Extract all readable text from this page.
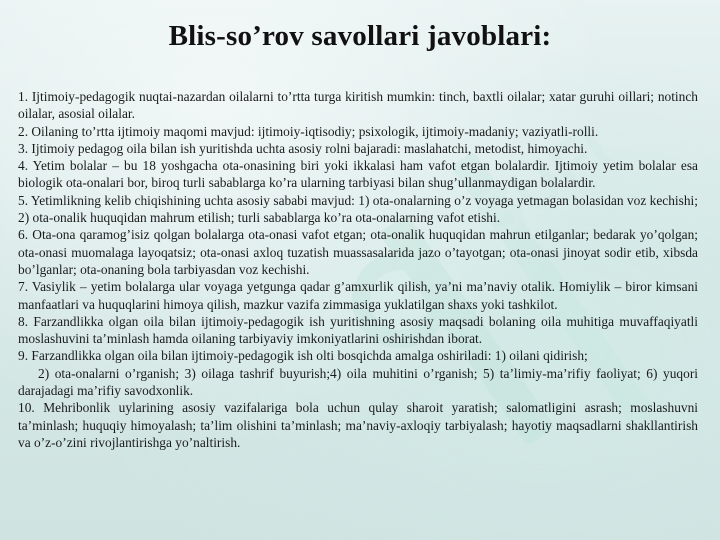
SUFI
Blis-so’rov savollari javoblari:

1. Ijtimoiy-pedagogik nuqtai-nazardan oilalarni to’rtta turga kiritish mumkin: tinch, baxtli oilalar; xatar guruhi oillari; notinch oilalar, asosial oilalar.

2. Oilaning to’rtta ijtimoiy maqomi mavjud: ijtimoiy-iqtisodiy; psixologik, ijtimoiy-madaniy; vaziyatli-rolli.

3. Ijtimoiy pedagog oila bilan ish yuritishda uchta asosiy rolni bajaradi: maslahatchi, metodist, himoyachi.

4. Yetim bolalar – bu 18 yoshgacha ota-onasining biri yoki ikkalasi ham vafot etgan bolalardir. Ijtimoiy yetim bolalar esa biologik ota-onalari bor, biroq turli sabablarga ko’ra ularning tarbiyasi bilan shug’ullanmaydigan bolalardir.

5. Yetimlikning kelib chiqishining uchta asosiy sababi mavjud: 1) ota-onalarning o’z voyaga yetmagan bolasidan voz kechishi; 2) ota-onalik huquqidan mahrum etilish; turli sabablarga ko’ra ota-onalarning vafot etishi.

6. Ota-ona qaramog’isiz qolgan bolalarga ota-onasi vafot etgan; ota-onalik huquqidan mahrun etilganlar; bedarak yo’qolgan; ota-onasi muomalaga layoqatsiz; ota-onasi axloq tuzatish muassasalarida jazo o’tayotgan; ota-onasi jinoyat sodir etib, xibsda bo’lganlar; ota-onaning bola tarbiyasdan voz kechishi.

7. Vasiylik – yetim bolalarga ular voyaga yetgunga qadar g’amxurlik qilish, ya’ni ma’naviy otalik. Homiylik – biror kimsani manfaatlari va huquqlarini himoya qilish, mazkur vazifa zimmasiga yuklatilgan shaxs yoki tashkilot.

8. Farzandlikka olgan oila bilan ijtimoiy-pedagogik ish yuritishning asosiy maqsadi bolaning oila muhitiga muvaffaqiyatli moslashuvini ta’minlash hamda oilaning tarbiyaviy imkoniyatlarini oshirishdan iborat.

9. Farzandlikka olgan oila bilan ijtimoiy-pedagogik ish olti bosqichda amalga oshiriladi: 1) oilani qidirish;

2) ota-onalarni o’rganish; 3) oilaga tashrif buyurish;4) oila muhitini o’rganish; 5) ta’limiy-ma’rifiy faoliyat; 6) yuqori darajadagi ma’rifiy savodxonlik.

10. Mehribonlik uylarining asosiy vazifalariga bola uchun qulay sharoit yaratish; salomatligini asrash; moslashuvni ta’minlash; huquqiy himoyalash; ta’lim olishini ta’minlash; ma’naviy-axloqiy tarbiyalash; hayotiy maqsadlarni shakllantirish va o’z-o’zini rivojlantirishga yo’naltirish.
